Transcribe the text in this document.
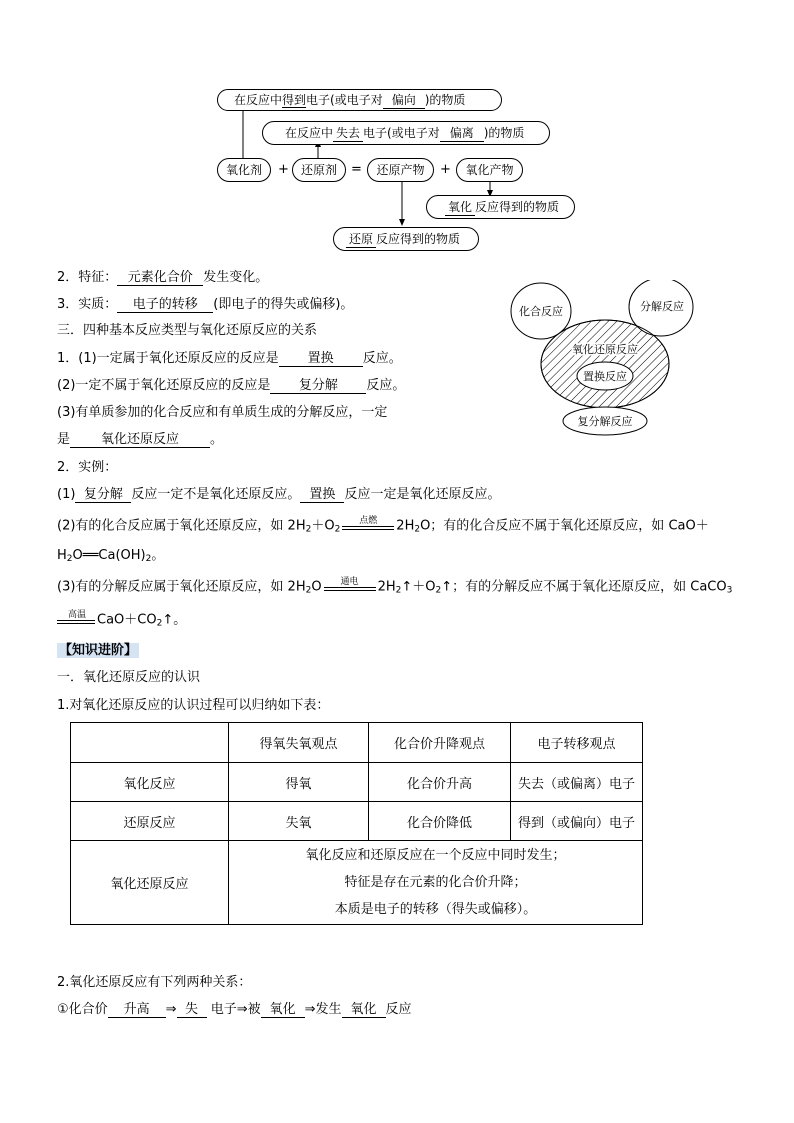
在反应中得到电子(或电子对 偏向 )的物质
在反应中 失去 电子(或电子对 偏离 )的物质
氧化剂	+	还原剂	=	还原产物	+	氧化产物
氧化 反应得到的物质
还原 反应得到的物质
化合反应	分解反应
氧化还原反应
置换反应
复分解反应
2．特征： 元素化合价 发生变化。
3．实质： 电子的转移 (即电子的得失或偏移)。
三．四种基本反应类型与氧化还原反应的关系
1．(1)一定属于氧化还原反应的反应是 置换 反应。
(2)一定不属于氧化还原反应的反应是 复分解 反应。
(3)有单质参加的化合反应和有单质生成的分解反应，一定
是 氧化还原反应 。
2．实例：
(1) 复分解 反应一定不是氧化还原反应。 置换 反应一定是氧化还原反应。
(2)有的化合反应属于氧化还原反应，如 $2H_2+O_2$
点燃	$2H_2O$；有的化合反应不属于氧化还原反应，如 CaO＋
$H_2O══Ca(OH)_2$。
(3)有的分解反应属于氧化还原反应，如 $2H_2O$	通电	$2H_2↑+O_2↑$；有的分解反应不属于氧化还原反应，如 CaCO$_3$
高温 $CaO+CO_2↑$。
【知识进阶】
一．氧化还原反应的认识
1.对氧化还原反应的认识过程可以归纳如下表：
	得氧失氧观点	化合价升降观点	电子转移观点
氧化反应	得氧	化合价升高	失去（或偏离）电子
还原反应	失氧	化合价降低	得到（或偏向）电子
氧化还原反应	氧化反应和还原反应在一个反应中同时发生；
特征是存在元素的化合价升降；
本质是电子的转移（得失或偏移）。		
2.氧化还原反应有下列两种关系：
①化合价 升高 ⇒ 失 电子⇒被 氧化 ⇒发生 氧化 反应
